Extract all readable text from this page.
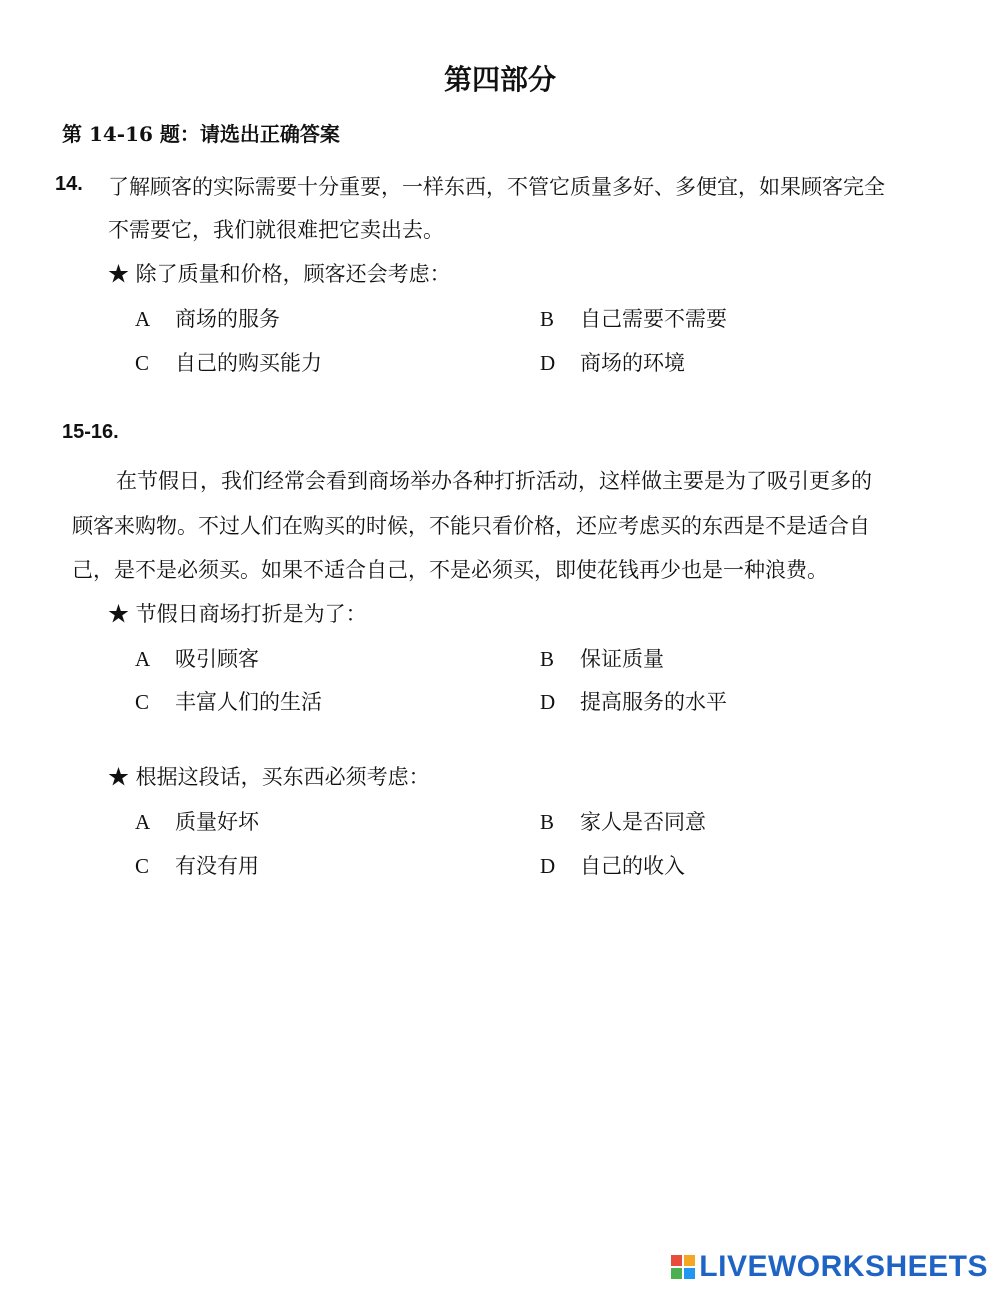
第四部分
第 14-16 题：请选出正确答案
14. 了解顾客的实际需要十分重要，一样东西，不管它质量多好、多便宜，如果顾客完全
不需要它，我们就很难把它卖出去。
★ 除了质量和价格，顾客还会考虑：
A 商场的服务	B 自己需要不需要
C 自己的购买能力	D 商场的环境
15-16.
在节假日，我们经常会看到商场举办各种打折活动，这样做主要是为了吸引更多的
顾客来购物。不过人们在购买的时候，不能只看价格，还应考虑买的东西是不是适合自
己，是不是必须买。如果不适合自己，不是必须买，即使花钱再少也是一种浪费。
★ 节假日商场打折是为了：
A 吸引顾客	B 保证质量
C 丰富人们的生活	D 提高服务的水平
★ 根据这段话，买东西必须考虑：
A 质量好坏	B 家人是否同意
C 有没有用	D 自己的收入
LIVEWORKSHEETS
